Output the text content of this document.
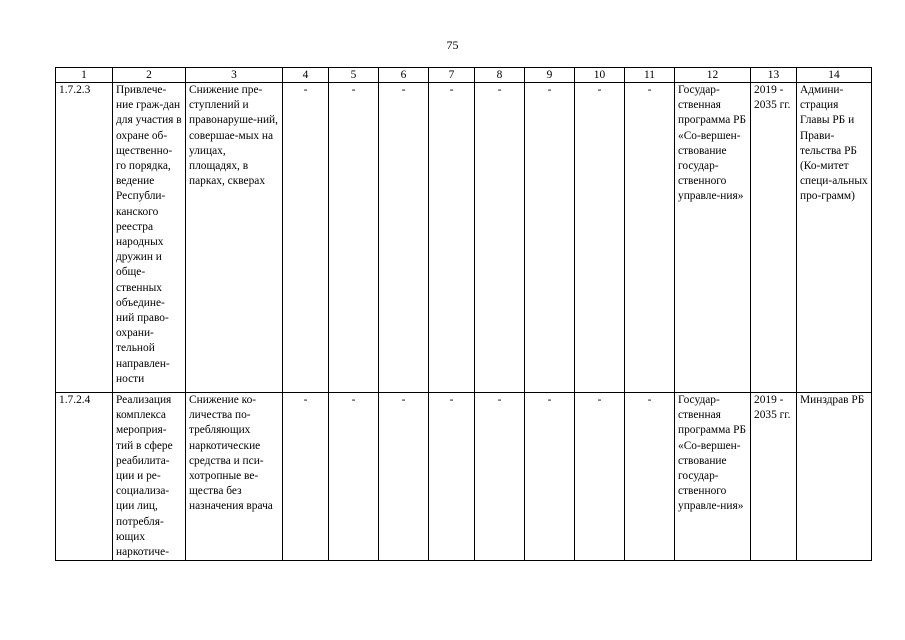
75
1	2	3	4	5	6	7	8	9	10	11	12	13	14
1.7.2.3	Привлече-ние граж-дан для участия в охране об-щественно-го порядка, ведение Республи-канского реестра народных дружин и обще-ственных объедине-ний право-охрани-тельной направлен-ности	Снижение пре-ступлений и правонаруше-ний, совершае-мых на улицах, площадях, в парках, скверах	-	-	-	-	-	-	-	-	Государ-ственная программа РБ «Со-вершен-ствование государ-ственного управле-ния»	2019 - 2035 гг.	Админи-страция Главы РБ и Прави-тельства РБ (Ко-митет специ-альных про-грамм)
1.7.2.4	Реализация комплекса мероприя-тий в сфере реабилита-ции и ре-социализа-ции лиц, потребля-ющих наркотиче-	Снижение ко-личества по-требляющих наркотические средства и пси-хотропные ве-щества без назначения врача	-	-	-	-	-	-	-	-	Государ-ственная программа РБ «Со-вершен-ствование государ-ственного управле-ния»	2019 - 2035 гг.	Минздрав РБ
